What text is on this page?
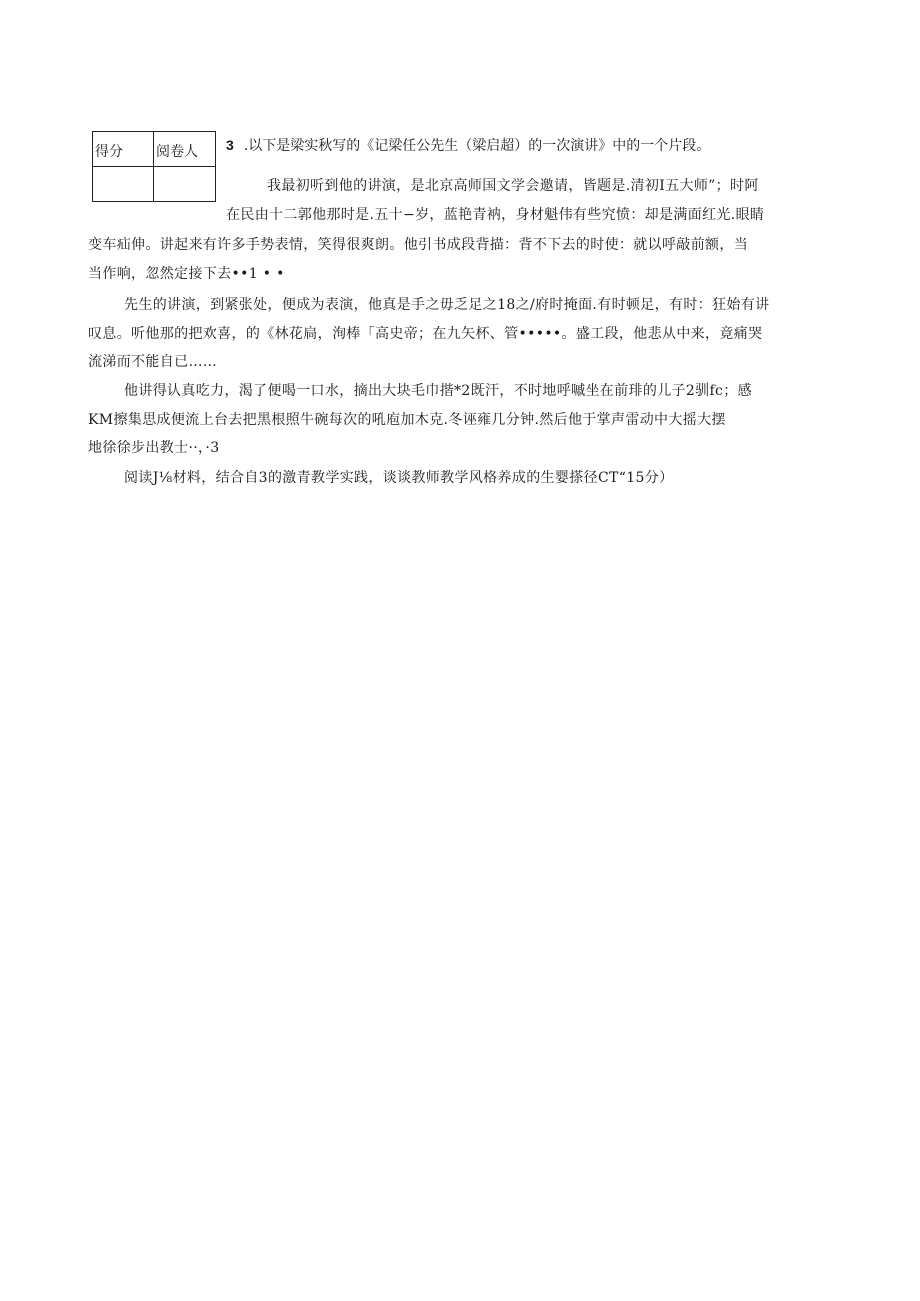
得分	阅卷人

		3 .以下是梁实秋写的《记梁任公先生（梁启超）的一次演讲》中的一个片段。
我最初听到他的讲演，是北京高师国文学会邀请，皆题是.清初I五大师”；时阿
在民由十二郭他那时是.五十−岁，蓝艳青衲，身材魁伟有些究愤：却是满面红光.眼睛
变车疝伸。讲起来有许多手势表情，笑得很爽朗。他引书成段背描：背不下去的时使：就以呼敲前额，当
当作响，忽然定接下去••1 • •
先生的讲演，到紧张处，便成为表演，他真是手之毋乏足之18之/府时掩面.有时顿足，有时：狂始有讲
叹息。听他那的把欢喜，的《林花扃，洵棒「高史帝；在九矢杯、管•••••。盛工段，他悲从中来，竟痛哭
流涕而不能自已……
他讲得认真吃力，渴了便喝一口水，摘出大块毛巾揩*2既汗，不时地呼嘁坐在前琲的儿子2驯fc；感
KM擦集思成便流上台去把黑根照牛碗每次的吼庖加木克.冬诬雍几分钟.然后他于掌声雷动中大摇大摆
地徐徐步出教士··，·3
阅读J⅛材料，结合自3的激青教学实践，谈谈教师教学风格养成的生婴搽径CT“15分）
